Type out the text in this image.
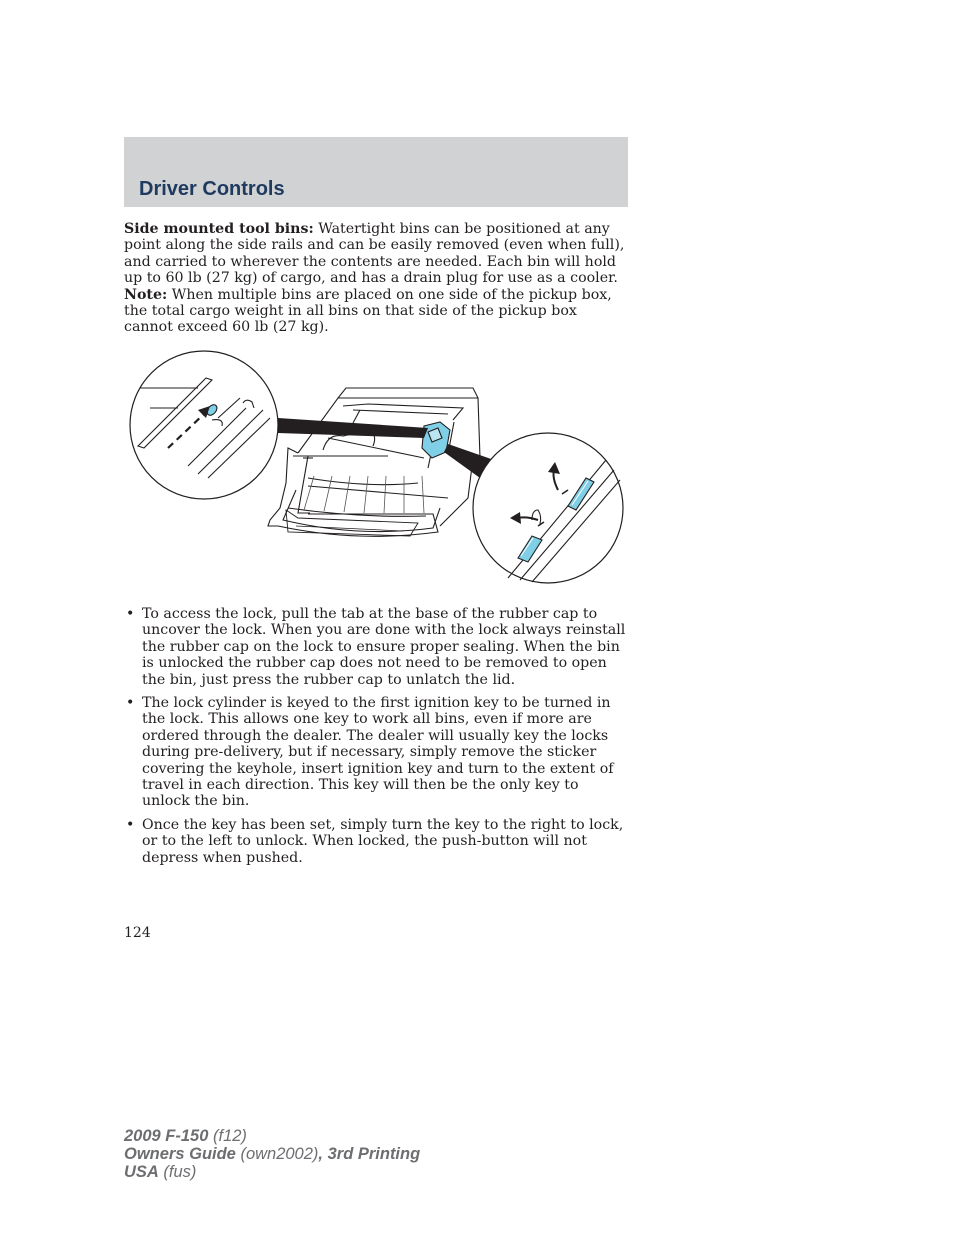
Driver Controls

Side mounted tool bins: Watertight bins can be positioned at any point along the side rails and can be easily removed (even when full), and carried to wherever the contents are needed. Each bin will hold up to 60 lb (27 kg) of cargo, and has a drain plug for use as a cooler. Note: When multiple bins are placed on one side of the pickup box, the total cargo weight in all bins on that side of the pickup box cannot exceed 60 lb (27 kg).

• To access the lock, pull the tab at the base of the rubber cap to uncover the lock. When you are done with the lock always reinstall the rubber cap on the lock to ensure proper sealing. When the bin is unlocked the rubber cap does not need to be removed to open the bin, just press the rubber cap to unlatch the lid.
• The lock cylinder is keyed to the first ignition key to be turned in the lock. This allows one key to work all bins, even if more are ordered through the dealer. The dealer will usually key the locks during pre-delivery, but if necessary, simply remove the sticker covering the keyhole, insert ignition key and turn to the extent of travel in each direction. This key will then be the only key to unlock the bin.
• Once the key has been set, simply turn the key to the right to lock, or to the left to unlock. When locked, the push-button will not depress when pushed.
124
2009 F-150 (f12)
Owners Guide (own2002), 3rd Printing
USA (fus)
